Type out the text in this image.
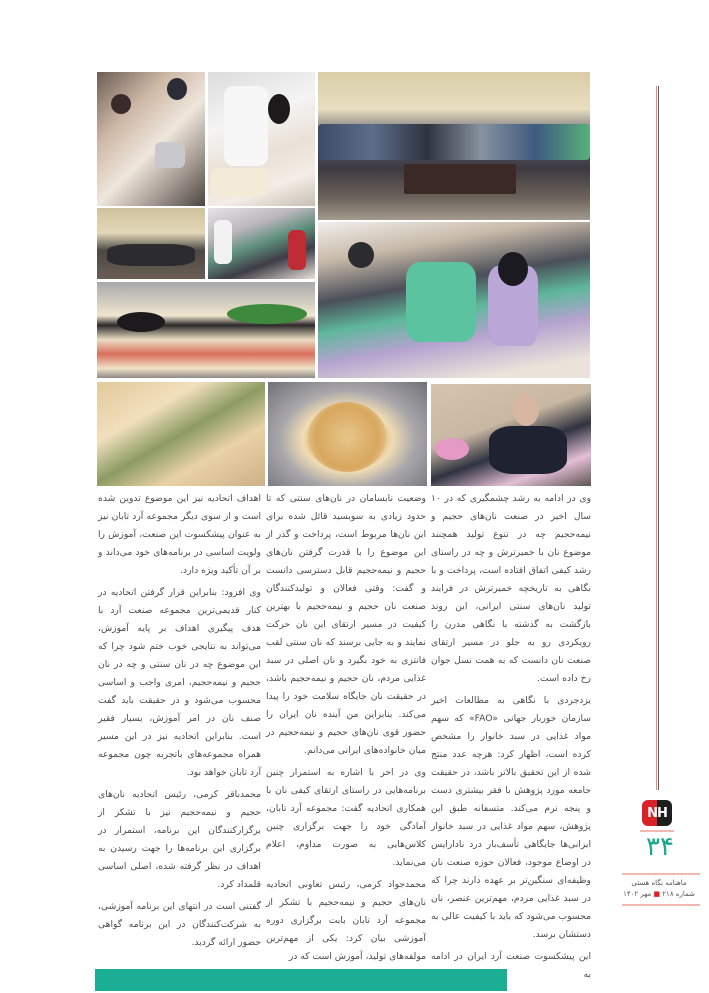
وی در ادامه به رشد چشمگیری که در ۱۰ سال اخیر در صنعت نان‌های حجیم و نیمه‌حجیم چه در تنوع تولید همچنند موضوع نان با خمیرترش و چه در راستای رشد کیفی اتفاق افتاده است، پرداخت و با نگاهی به تاریخچه خمیرترش در فرایند تولید نان‌های سنتی ایرانی، این روند بازگشت به گذشته با نگاهی مدرن را رویکردی رو به جلو در مسیر ارتقای صنعت نان دانست که به همت نسل جوان رخ داده است.

یزدجردی با نگاهی به مطالعات اخیر سازمان خوربار جهانی «FAO» که سهم مواد غذایی در سبد خانوار را مشخص کرده است، اظهار کرد: هرچه عدد منتج شده از این تحقیق بالاتر باشد، در حقیقت جامعه مورد پژوهش با فقر بیشتری دست و پنجه نرم می‌کند. متسفانه طبق این پژوهش، سهم مواد غذایی در سبد خانوار ایرانی‌ها جایگاهی تأسف‌بار درد نادارایس در اوضاع موجود، فعالان حوزه صنعت نان وظیفه‌ای سنگین‌تر بر عهده دارند چرا که در سبد غذایی مردم، مهم‌ترین عنصر، نان محسوب می‌شود که باید با کیفیت عالی به دستشان برسد.

این پیشکسوت صنعت آرد ایران در ادامه به

وضعیت نابسامان در نان‌های سنتی که تا حدود زیادی به سوبسید قائل شده برای این نان‌ها مربوط است، پرداخت و گذر از این موضوع را با قدرت گرفتن نان‌های حجیم و نیمه‌حجیم قابل دسترسی دانست و گفت: وقتی فعالان و تولیدکنندگان صنعت نان حجیم و نیمه‌حجیم با بهترین کیفیت در مسیر ارتقای این نان حرکت نمایند و به جایی برسند که نان سنتی لقب فانتزی به خود بگیرد و نان اصلی در سبد غذایی مردم، نان حجیم و نیمه‌حجیم باشد، در حقیقت نان جایگاه سلامت خود را پیدا می‌کند. بنابراین من آینده نان ایران را حضور قوی نان‌های حجیم و نیمه‌حجیم در میان خانواده‌های ایرانی می‌دانم.

وی در اخر با اشاره به استمرار چنین برنامه‌هایی در راستای ارتقای کیفی نان با همکاری اتحادیه گفت: مجموعه آرد تابان، آمادگی خود را جهت برگزاری چنین کلاس‌هایی به صورت مداوم، اعلام می‌نماید.

محمدجواد کرمی، رئیس تعاونی اتحادیه نان‌های حجیم و نیمه‌حجیم با تشکر از مجموعه آرد تابان بابت برگزاری دوره آموزشی بیان کرد: یکی از مهم‌ترین مولفه‌های تولید، آموزش است که در

اهداف اتحادیه نیز این موضوع تدوین شده است و از سوی دیگر مجموعه آرد تابان نیز به عنوان پیشکسوت این صنعت، آموزش را ولویت اساسی در برنامه‌های خود می‌داند و بر آن تأکید ویژه دارد.

وی افزود: بنابراین قرار گرفتن اتحادیه در کنار قدیمی‌ترین مجموعه صنعت آرد با هدف پیگیری اهداف بر پایه آموزش، می‌تواند به نتایجی خوب ختم شود چرا که این موضوع چه در نان سنتی و چه در نان حجیم و نیمه‌حجیم، امری واجب و اساسی محسوب می‌شود و در حقیقت باید گفت صنف نان در امر آموزش، بسیار فقیر است. بنابراین اتحادیه نیز در این مسیر همراه مجموعه‌های باتجربه چون مجموعه آرد تابان خواهد بود.

محمدباقر کرمی، رئیس اتحادیه نان‌های حجیم و نیمه‌حجیم نیز با تشکر از برگزارکنندگان این برنامه، استمرار در برگزاری این برنامه‌ها را جهت رسیدن به اهداف در نظر گرفته شده، اصلی اساسی قلمداد کرد.

گفتنی است در انتهای این برنامه آموزشی، به شرکت‌کنندگان در این برنامه گواهی حضور ارائه گردید.

NH
۳۴
ماهنامه نگاه هستی
شماره ۲۱۸ ■ مهر ۱۴۰۲
